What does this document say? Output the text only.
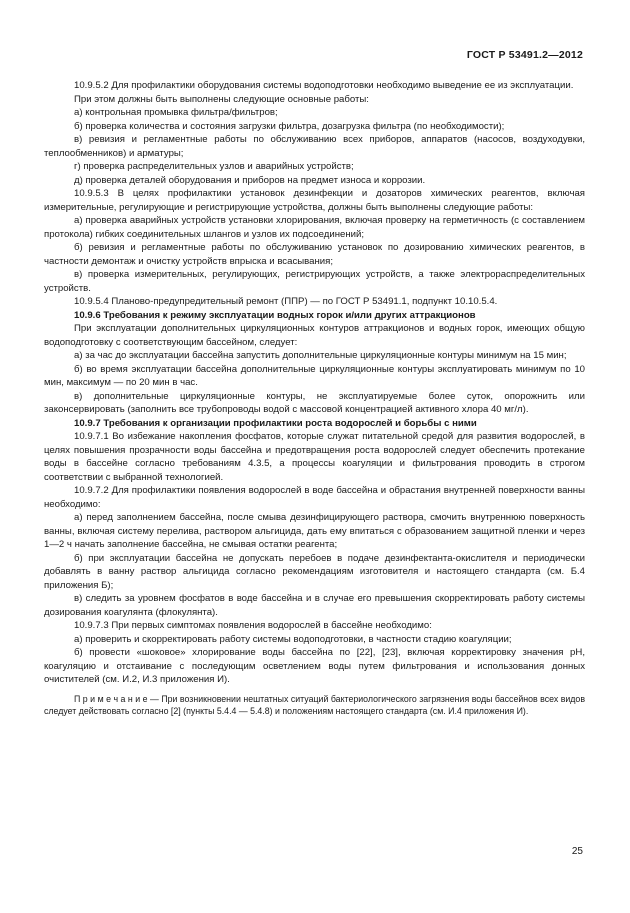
ГОСТ Р 53491.2—2012

10.9.5.2 Для профилактики оборудования системы водоподготовки необходимо выведение ее из эксплуатации.

При этом должны быть выполнены следующие основные работы:

а) контрольная промывка фильтра/фильтров;

б) проверка количества и состояния загрузки фильтра, дозагрузка фильтра (по необходимости);

в) ревизия и регламентные работы по обслуживанию всех приборов, аппаратов (насосов, воздуходувки, теплообменников) и арматуры;

г) проверка распределительных узлов и аварийных устройств;

д) проверка деталей оборудования и приборов на предмет износа и коррозии.

10.9.5.3 В целях профилактики установок дезинфекции и дозаторов химических реагентов, включая измерительные, регулирующие и регистрирующие устройства, должны быть выполнены следующие работы:

а) проверка аварийных устройств установки хлорирования, включая проверку на герметичность (с составлением протокола) гибких соединительных шлангов и узлов их подсоединений;

б) ревизия и регламентные работы по обслуживанию установок по дозированию химических реагентов, в частности демонтаж и очистку устройств впрыска и всасывания;

в) проверка измерительных, регулирующих, регистрирующих устройств, а также электрораспределительных устройств.

10.9.5.4 Планово-предупредительный ремонт (ППР) — по ГОСТ Р 53491.1, подпункт 10.10.5.4.

10.9.6 Требования к режиму эксплуатации водных горок и/или других аттракционов

При эксплуатации дополнительных циркуляционных контуров аттракционов и водных горок, имеющих общую водоподготовку с соответствующим бассейном, следует:

а) за час до эксплуатации бассейна запустить дополнительные циркуляционные контуры минимум на 15 мин;

б) во время эксплуатации бассейна дополнительные циркуляционные контуры эксплуатировать минимум по 10 мин, максимум — по 20 мин в час.

в) дополнительные циркуляционные контуры, не эксплуатируемые более суток, опорожнить или законсервировать (заполнить все трубопроводы водой с массовой концентрацией активного хлора 40 мг/л).

10.9.7 Требования к организации профилактики роста водорослей и борьбы с ними

10.9.7.1 Во избежание накопления фосфатов, которые служат питательной средой для развития водорослей, в целях повышения прозрачности воды бассейна и предотвращения роста водорослей следует обеспечить протекание воды в бассейне согласно требованиям 4.3.5, а процессы коагуляции и фильтрования проводить в строгом соответствии с выбранной технологией.

10.9.7.2 Для профилактики появления водорослей в воде бассейна и обрастания внутренней поверхности ванны необходимо:

а) перед заполнением бассейна, после смыва дезинфицирующего раствора, смочить внутреннюю поверхность ванны, включая систему перелива, раствором альгицида, дать ему впитаться с образованием защитной пленки и через 1—2 ч начать заполнение бассейна, не смывая остатки реагента;

б) при эксплуатации бассейна не допускать перебоев в подаче дезинфектанта-окислителя и периодически добавлять в ванну раствор альгицида согласно рекомендациям изготовителя и настоящего стандарта (см. Б.4 приложения Б);

в) следить за уровнем фосфатов в воде бассейна и в случае его превышения скорректировать работу системы дозирования коагулянта (флокулянта).

10.9.7.3 При первых симптомах появления водорослей в бассейне необходимо:

а) проверить и скорректировать работу системы водоподготовки, в частности стадию коагуляции;

б) провести «шоковое» хлорирование воды бассейна по [22], [23], включая корректировку значения pH, коагуляцию и отстаивание с последующим осветлением воды путем фильтрования и использования донных очистителей (см. И.2, И.3 приложения И).

П р и м е ч а н и е — При возникновении нештатных ситуаций бактериологического загрязнения воды бассейнов всех видов следует действовать согласно [2] (пункты 5.4.4 — 5.4.8) и положениям настоящего стандарта (см. И.4 приложения И).

25
